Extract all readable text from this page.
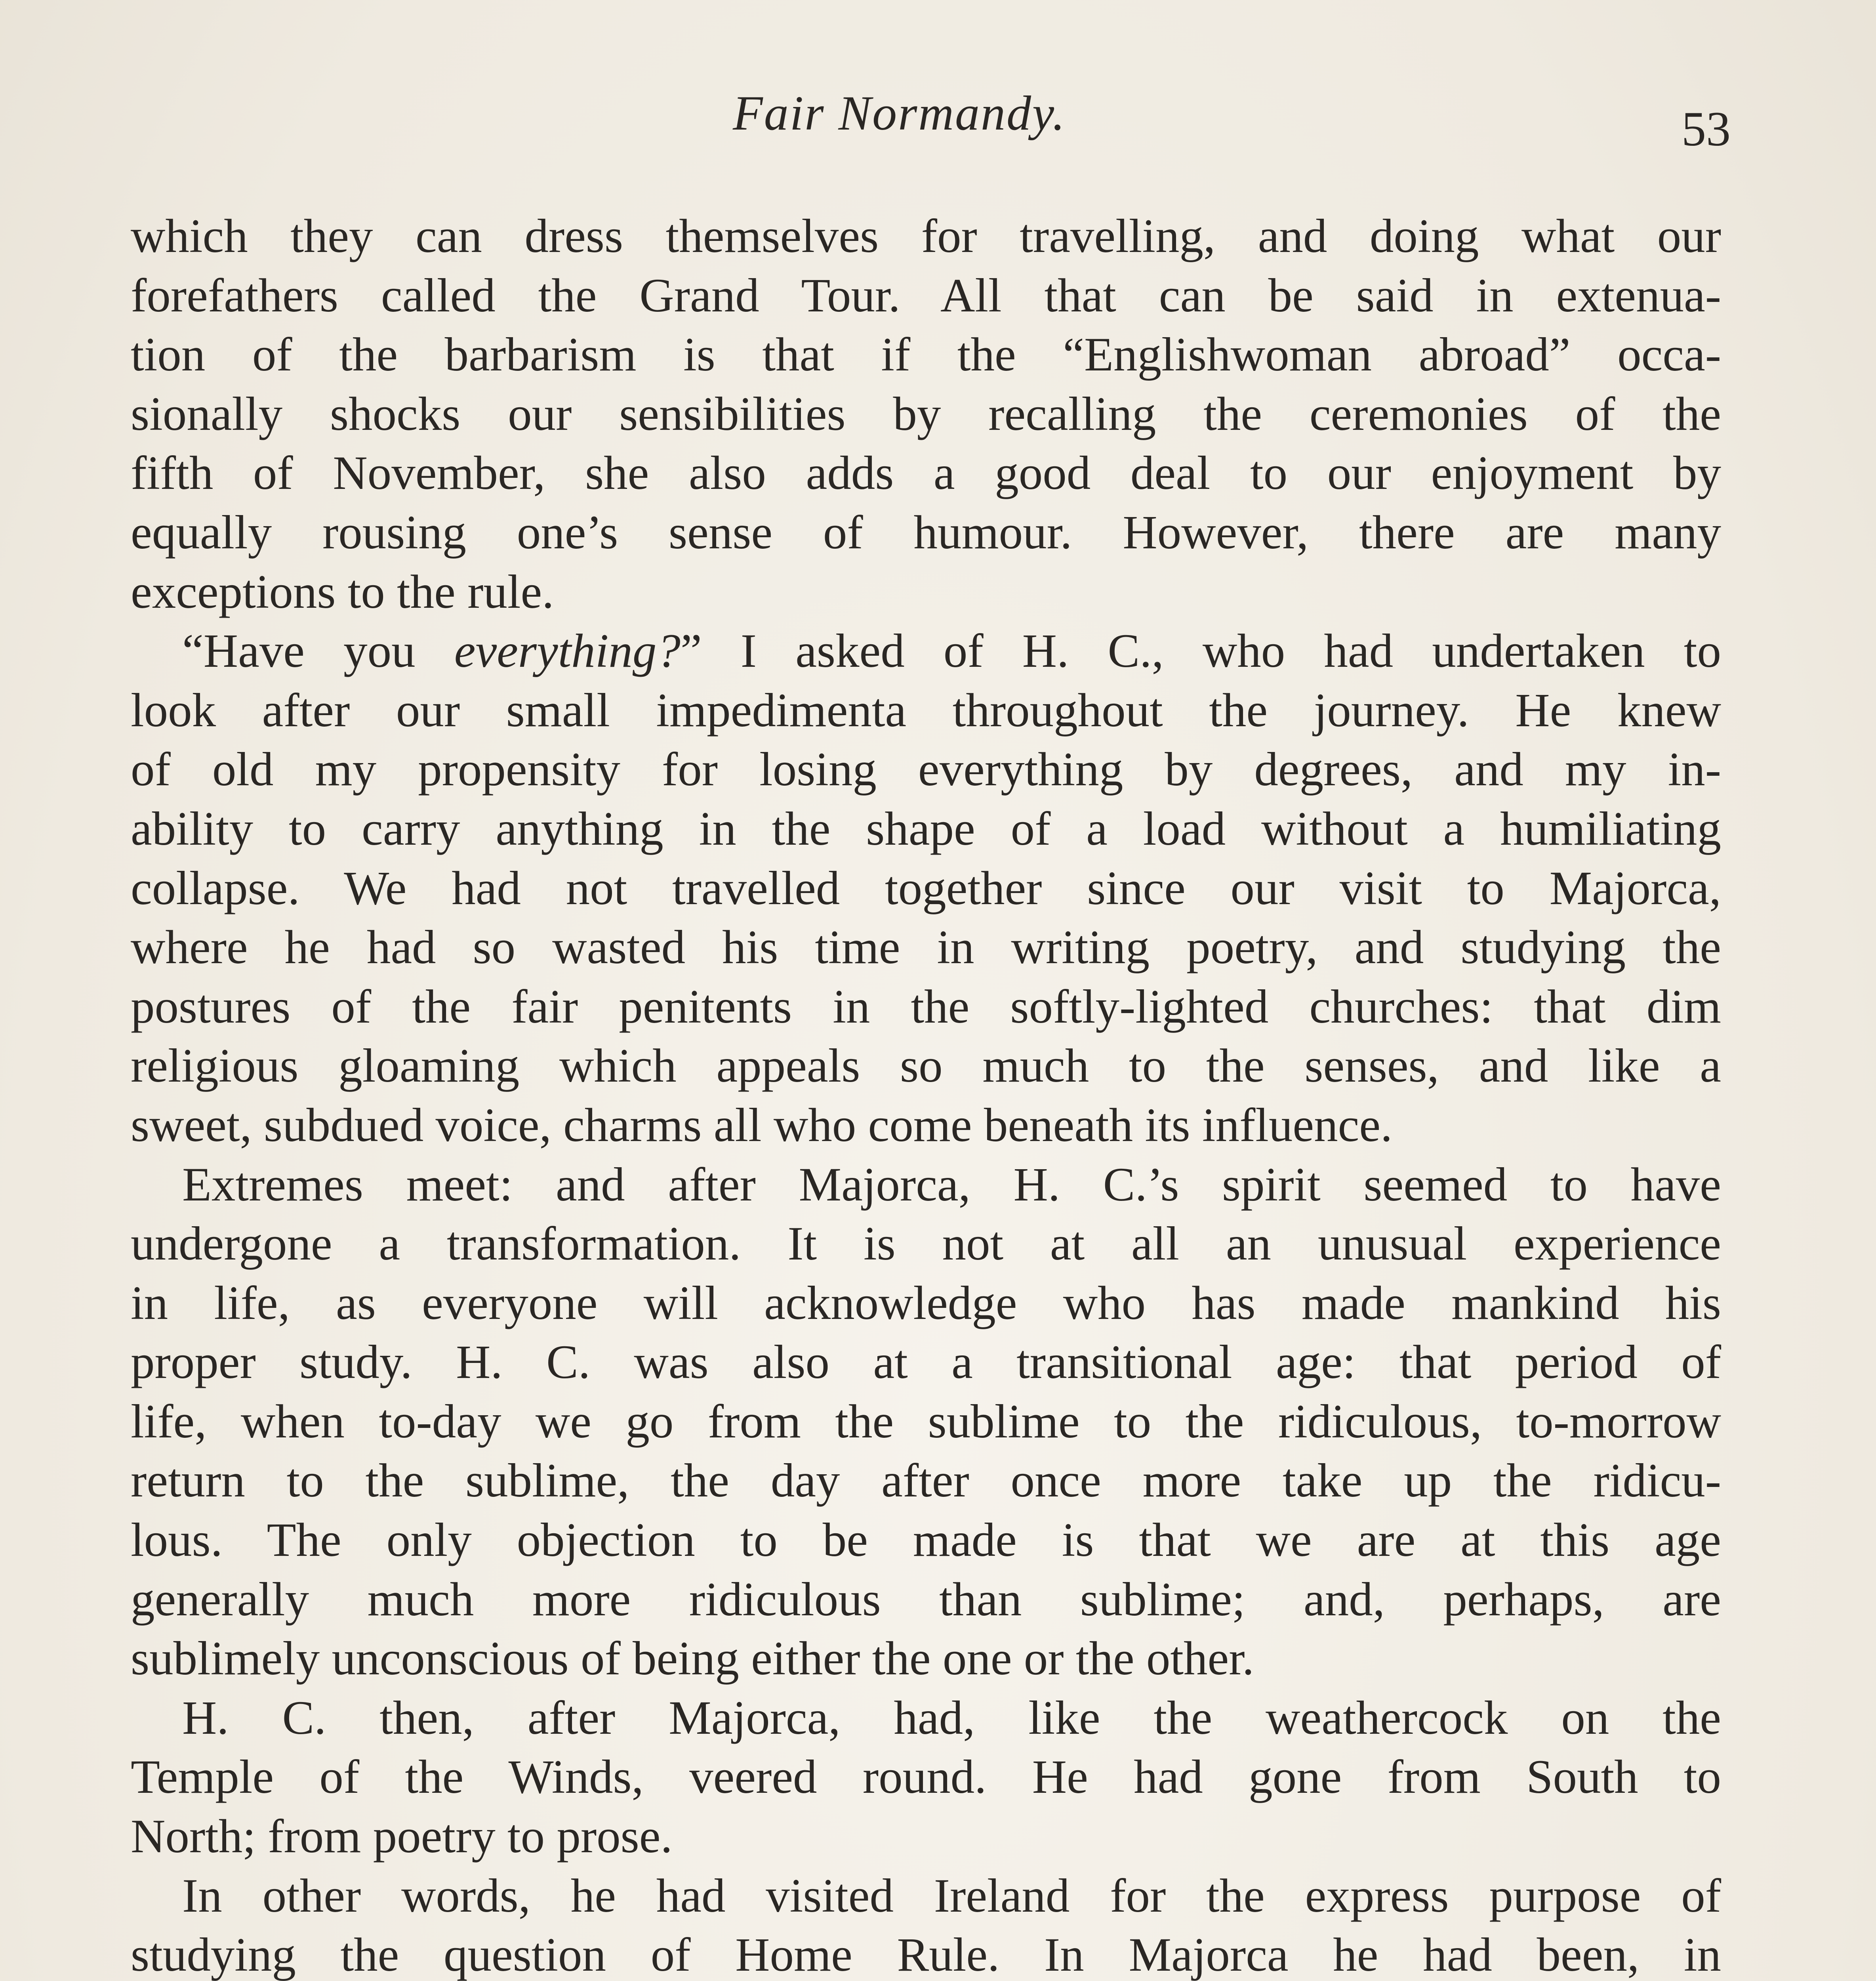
Fair Normandy.	53
which they can dress themselves for travelling, and doing what our
forefathers called the Grand Tour. All that can be said in extenua-
tion of the barbarism is that if the “Englishwoman abroad” occa-
sionally shocks our sensibilities by recalling the ceremonies of the
fifth of November, she also adds a good deal to our enjoyment by
equally rousing one’s sense of humour. However, there are many
exceptions to the rule.
“Have you everything?” I asked of H. C., who had undertaken to
look after our small impedimenta throughout the journey. He knew
of old my propensity for losing everything by degrees, and my in-
ability to carry anything in the shape of a load without a humiliating
collapse. We had not travelled together since our visit to Majorca,
where he had so wasted his time in writing poetry, and studying the
postures of the fair penitents in the softly-lighted churches: that dim
religious gloaming which appeals so much to the senses, and like a
sweet, subdued voice, charms all who come beneath its influence.
Extremes meet: and after Majorca, H. C.’s spirit seemed to have
undergone a transformation. It is not at all an unusual experience
in life, as everyone will acknowledge who has made mankind his
proper study. H. C. was also at a transitional age: that period of
life, when to-day we go from the sublime to the ridiculous, to-morrow
return to the sublime, the day after once more take up the ridicu-
lous. The only objection to be made is that we are at this age
generally much more ridiculous than sublime; and, perhaps, are
sublimely unconscious of being either the one or the other.
H. C. then, after Majorca, had, like the weathercock on the
Temple of the Winds, veered round. He had gone from South to
North; from poetry to prose.
In other words, he had visited Ireland for the express purpose of
studying the question of Home Rule. In Majorca he had been, in
